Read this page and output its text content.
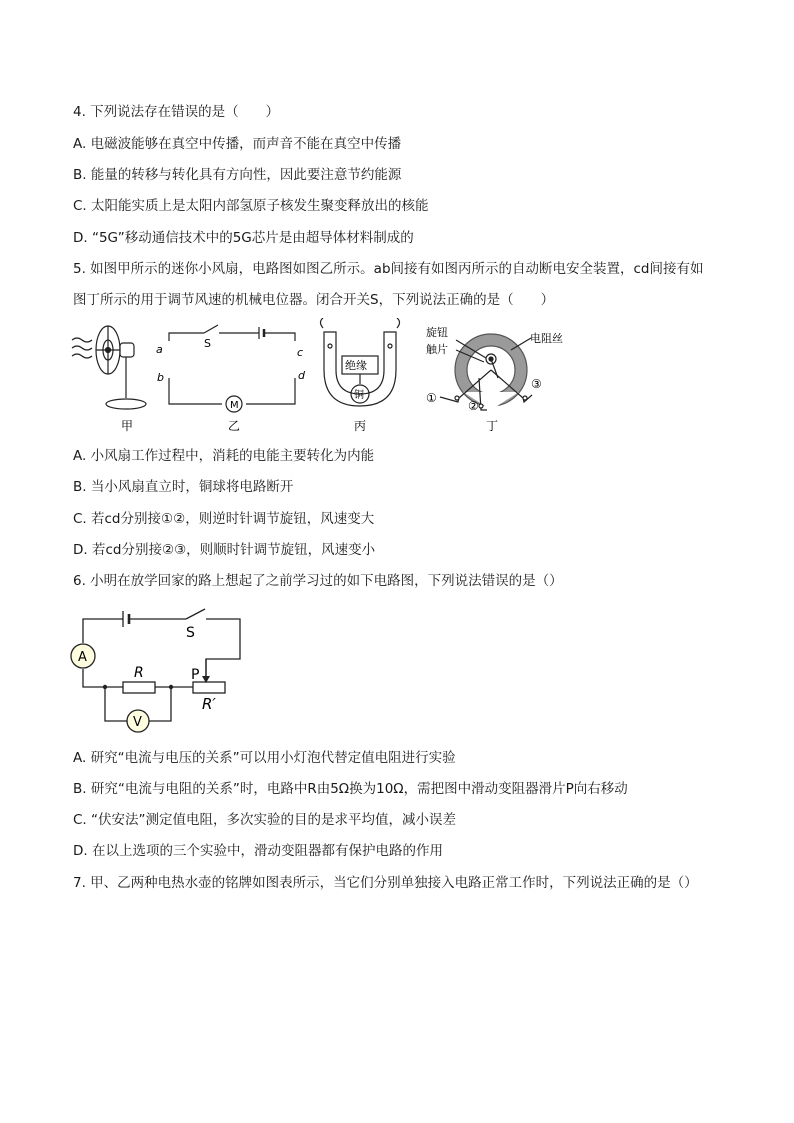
4. 下列说法存在错误的是（　　）
A. 电磁波能够在真空中传播，而声音不能在真空中传播
B. 能量的转移与转化具有方向性，因此要注意节约能源
C. 太阳能实质上是太阳内部氢原子核发生聚变释放出的核能
D. “5G”移动通信技术中的5G芯片是由超导体材料制成的
5. 如图甲所示的迷你小风扇，电路图如图乙所示。ab间接有如图丙所示的自动断电安全装置，cd间接有如
图丁所示的用于调节风速的机械电位器。闭合开关S，下列说法正确的是（　　）
甲
a
b
c
d
S
M
乙
绝缘
铜
丙
旋钮
触片
电阻丝
①
②
③
丁
A. 小风扇工作过程中，消耗的电能主要转化为内能
B. 当小风扇直立时，铜球将电路断开
C. 若cd分别接①②，则逆时针调节旋钮，风速变大
D. 若cd分别接②③，则顺时针调节旋钮，风速变小
6. 小明在放学回家的路上想起了之前学习过的如下电路图，下列说法错误的是（）
A
V
S
R	P
R′
A. 研究“电流与电压的关系”可以用小灯泡代替定值电阻进行实验
B. 研究“电流与电阻的关系”时，电路中R由5Ω换为10Ω，需把图中滑动变阻器滑片P向右移动
C. “伏安法”测定值电阻，多次实验的目的是求平均值，减小误差
D. 在以上选项的三个实验中，滑动变阻器都有保护电路的作用
7. 甲、乙两种电热水壶的铭牌如图表所示，当它们分别单独接入电路正常工作时，下列说法正确的是（）
